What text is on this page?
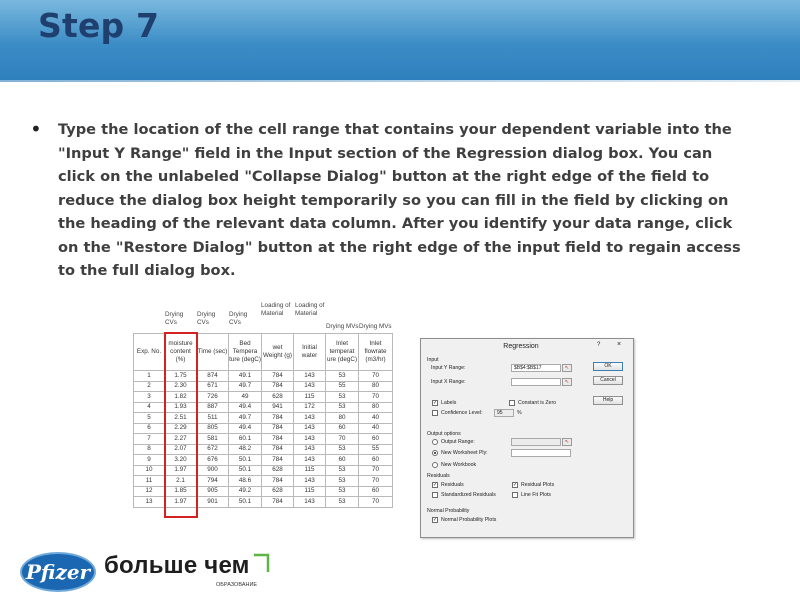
Step 7
• Type the location of the cell range that contains your dependent variable into the "Input Y Range" field in the Input section of the Regression dialog box. You can click on the unlabeled "Collapse Dialog" button at the right edge of the field to reduce the dialog box height temporarily so you can fill in the field by clicking on the heading of the relevant data column. After you identify your data range, click on the "Restore Dialog" button at the right edge of the input field to regain access to the full dialog box.
Drying CVs
Drying CVs
Drying CVs
Loading of Material
Loading of Material
Drying MVs Drying MVs
Exp. No.	moisture content (%)	Time (sec)	Bed Tempera ture (degC)	wet Weight (g)	Initial water	Inlet temperat ure (degC)	Inlet flowrate (m3/hr)
1	1.75	874	49.1	784	143	53	70
2	2.30	671	49.7	784	143	55	80
3	1.82	726	49	628	115	53	70
4	1.93	887	49.4	941	172	53	80
5	2.51	511	49.7	784	143	80	40
6	2.29	805	49.4	784	143	60	40
7	2.27	581	60.1	784	143	70	60
8	2.07	672	48.2	784	143	53	55
9	3.20	676	50.1	784	143	60	60
10	1.97	900	50.1	628	115	53	70
11	2.1	794	48.6	784	143	53	70
12	1.85	905	49.2	628	115	53	60
13	1.97	901	50.1	784	143	53	70
Regression	? ×
Input
Input Y Range:	$B$4:$B$17	↖
Input X Range:	↖
✓ Labels	Constant is Zero
Confidence Level:	95	%
Output options
Output Range:	↖
New Worksheet Ply:
New Workbook
Residuals
✓ Residuals	✓ Residual Plots
Standardized Residuals	Line Fit Plots
Normal Probability
✓ Normal Probability Plots
OK
Cancel
Help
Pfizer больше чем
ОБРАЗОВАНИЕ
